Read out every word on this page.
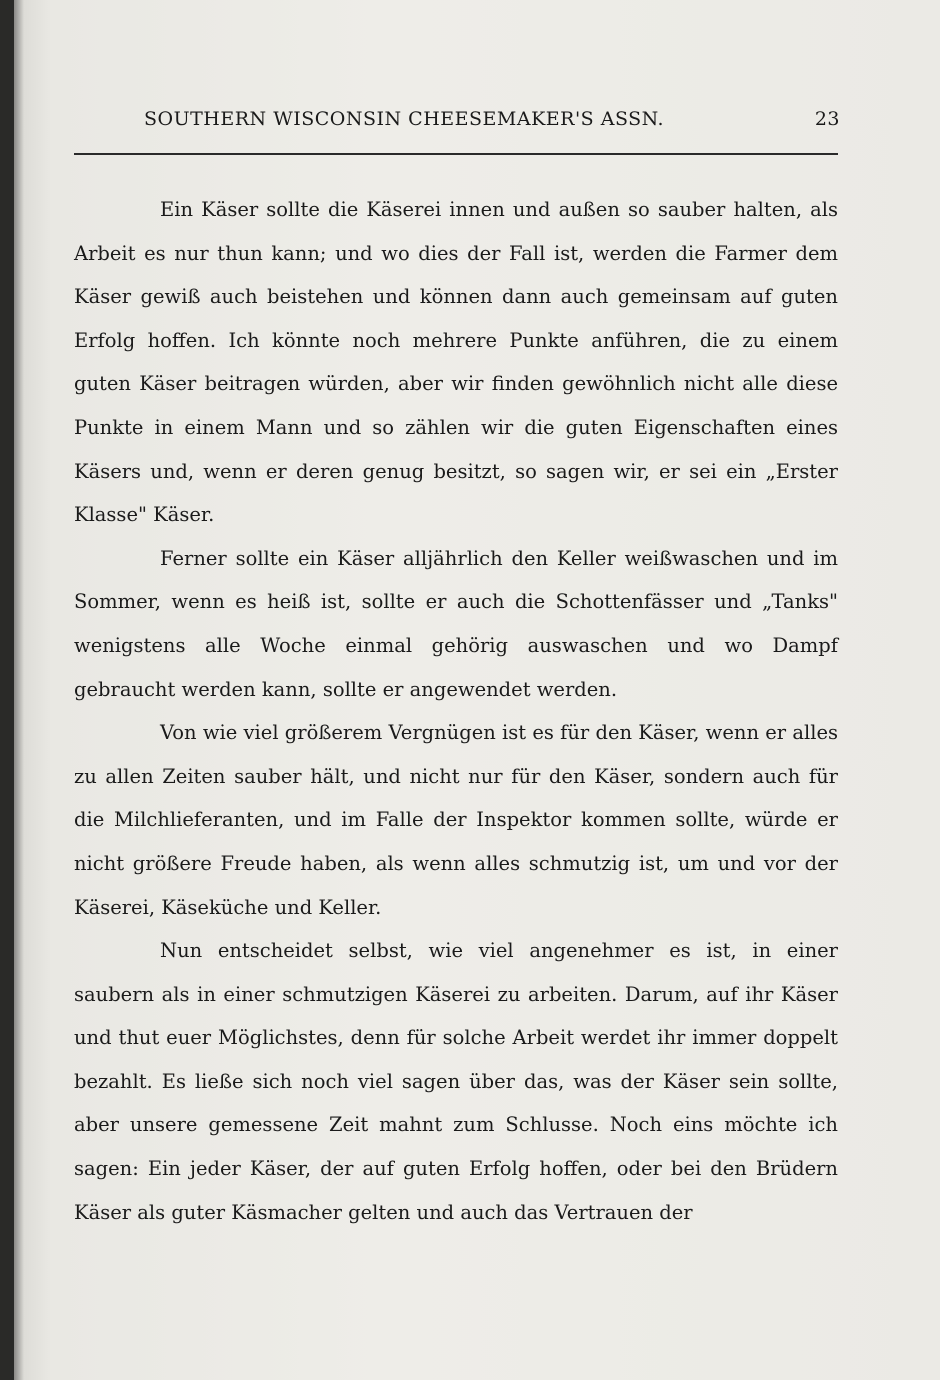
SOUTHERN WISCONSIN CHEESEMAKER'S ASSN.	23

Ein Käser sollte die Käserei innen und außen so sauber halten, als Arbeit es nur thun kann; und wo dies der Fall ist, werden die Farmer dem Käser gewiß auch beistehen und können dann auch gemeinsam auf guten Erfolg hoffen. Ich könnte noch mehrere Punkte anführen, die zu einem guten Käser beitragen würden, aber wir finden gewöhnlich nicht alle diese Punkte in einem Mann und so zählen wir die guten Eigenschaften eines Käsers und, wenn er deren genug besitzt, so sagen wir, er sei ein „Erster Klasse" Käser.

Ferner sollte ein Käser alljährlich den Keller weißwaschen und im Sommer, wenn es heiß ist, sollte er auch die Schottenfässer und „Tanks" wenigstens alle Woche einmal gehörig auswaschen und wo Dampf gebraucht werden kann, sollte er angewendet werden.

Von wie viel größerem Vergnügen ist es für den Käser, wenn er alles zu allen Zeiten sauber hält, und nicht nur für den Käser, sondern auch für die Milchlieferanten, und im Falle der Inspektor kommen sollte, würde er nicht größere Freude haben, als wenn alles schmutzig ist, um und vor der Käserei, Käseküche und Keller.

Nun entscheidet selbst, wie viel angenehmer es ist, in einer saubern als in einer schmutzigen Käserei zu arbeiten. Darum, auf ihr Käser und thut euer Möglichstes, denn für solche Arbeit werdet ihr immer doppelt bezahlt. Es ließe sich noch viel sagen über das, was der Käser sein sollte, aber unsere gemessene Zeit mahnt zum Schlusse. Noch eins möchte ich sagen: Ein jeder Käser, der auf guten Erfolg hoffen, oder bei den Brüdern Käser als guter Käsmacher gelten und auch das Vertrauen der
